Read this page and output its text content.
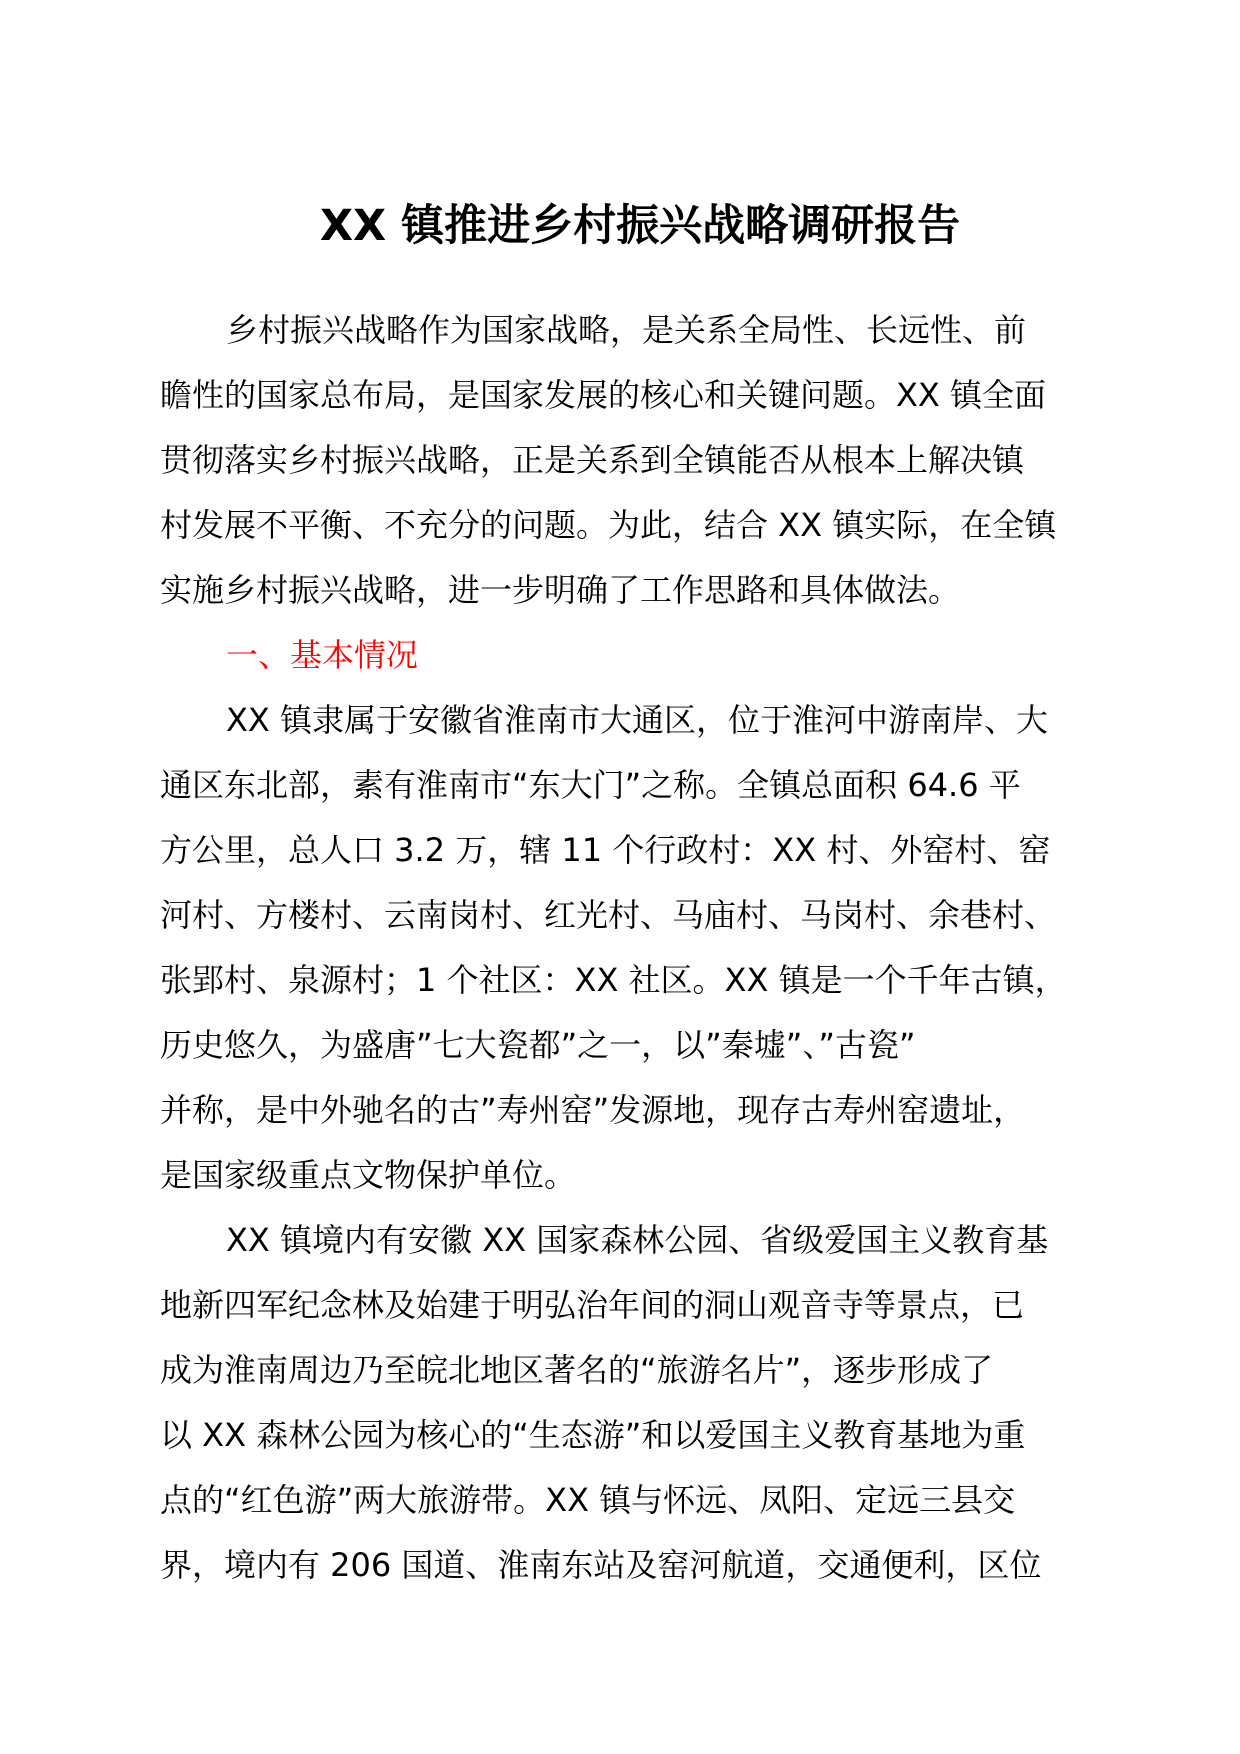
XX 镇推进乡村振兴战略调研报告

乡村振兴战略作为国家战略，是关系全局性、长远性、前

瞻性的国家总布局，是国家发展的核心和关键问题。XX 镇全面

贯彻落实乡村振兴战略，正是关系到全镇能否从根本上解决镇

村发展不平衡、不充分的问题。为此，结合 XX 镇实际，在全镇

实施乡村振兴战略，进一步明确了工作思路和具体做法。

一、基本情况

XX 镇隶属于安徽省淮南市大通区，位于淮河中游南岸、大

通区东北部，素有淮南市“东大门”之称。全镇总面积 64.6 平

方公里，总人口 3.2 万，辖 11 个行政村：XX 村、外窑村、窑

河村、方楼村、云南岗村、红光村、马庙村、马岗村、余巷村、

张郢村、泉源村；1 个社区：XX 社区。XX 镇是一个千年古镇，

历史悠久，为盛唐”七大瓷都”之一，以”秦墟”、”古瓷”

并称，是中外驰名的古”寿州窑”发源地，现存古寿州窑遗址，

是国家级重点文物保护单位。

XX 镇境内有安徽 XX 国家森林公园、省级爱国主义教育基

地新四军纪念林及始建于明弘治年间的洞山观音寺等景点，已

成为淮南周边乃至皖北地区著名的“旅游名片”，逐步形成了

以 XX 森林公园为核心的“生态游”和以爱国主义教育基地为重

点的“红色游”两大旅游带。XX 镇与怀远、凤阳、定远三县交

界，境内有 206 国道、淮南东站及窑河航道，交通便利，区位
